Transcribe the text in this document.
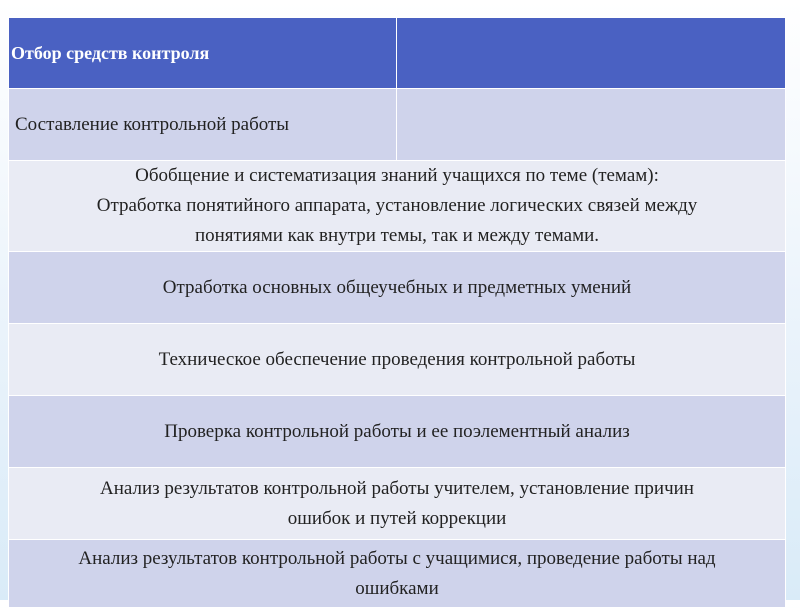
Отбор средств контроля	
Составление контрольной работы	

Обобщение и систематизация знаний учащихся по теме (темам):
Отработка понятийного аппарата, установление логических связей между
понятиями как внутри темы, так и между темами.	

Отработка основных общеучебных и предметных умений	

Техническое обеспечение проведения контрольной работы	

Проверка контрольной работы и ее поэлементный анализ	

Анализ результатов контрольной работы учителем, установление причин
ошибок и путей коррекции	

Анализ результатов контрольной работы с учащимися, проведение работы над
ошибками	
